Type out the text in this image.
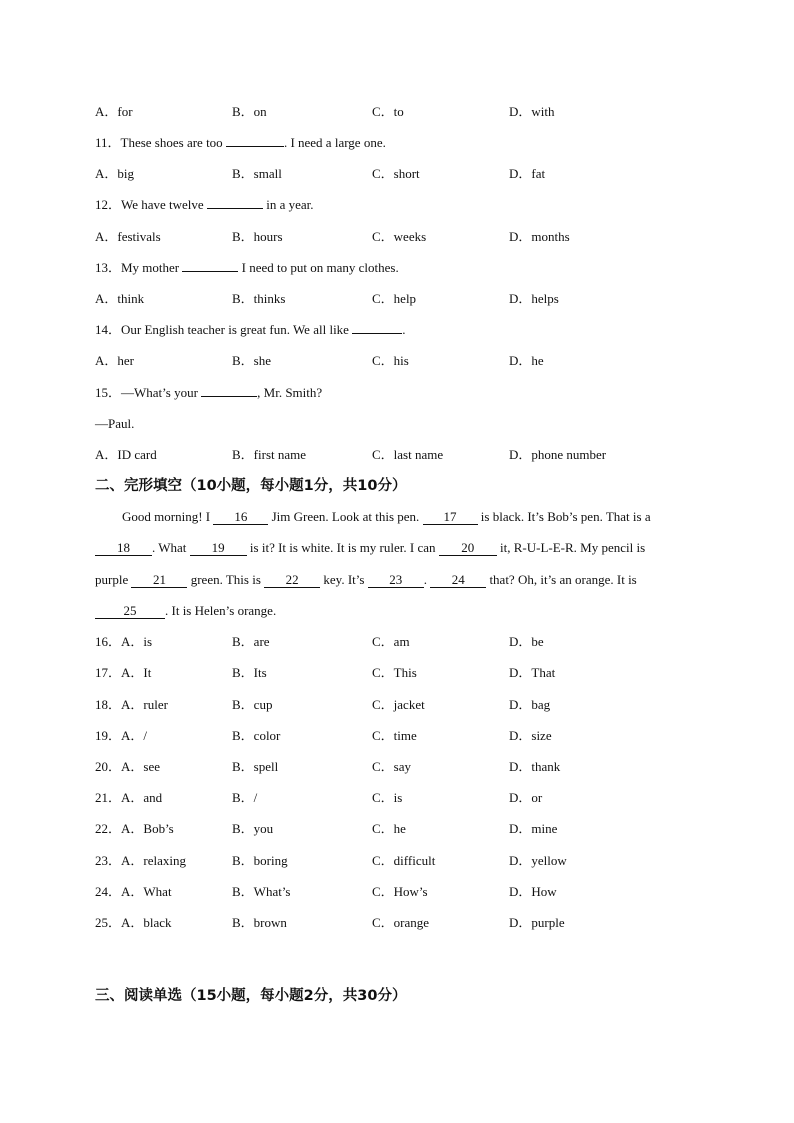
A．for	B．on	C．to	D．with
11．These shoes are too	. I need a large one.
A．big	B．small	C．short	D．fat
12．We have twelve	in a year.
A．festivals	B．hours	C．weeks	D．months
13．My mother	I need to put on many clothes.
A．think	B．thinks	C．help	D．helps
14．Our English teacher is great fun. We all like	.
A．her	B．she	C．his	D．he
15．—What’s your	, Mr. Smith?
—Paul.
A．ID card	B．first name	C．last name	D．phone number
二、完形填空（10小题，每小题1分，共10分）
Good morning! I 16 Jim Green. Look at this pen. 17 is black. It’s Bob’s pen. That is a
18 . What 19 is it? It is white. It is my ruler. I can 20 it, R-U-L-E-R. My pencil is
purple 21 green. This is 22 key. It’s 23 . 24 that? Oh, it’s an orange. It is
25 . It is Helen’s orange.
16．A．is	B．are	C．am	D．be
17．A．It	B．Its	C．This	D．That
18．A．ruler	B．cup	C．jacket	D．bag
19．A．/	B．color	C．time	D．size
20．A．see	B．spell	C．say	D．thank
21．A．and	B．/	C．is	D．or
22．A．Bob’s	B．you	C．he	D．mine
23．A．relaxing	B．boring	C．difficult	D．yellow
24．A．What	B．What’s	C．How’s	D．How
25．A．black	B．brown	C．orange	D．purple
三、阅读单选（15小题，每小题2分，共30分）
